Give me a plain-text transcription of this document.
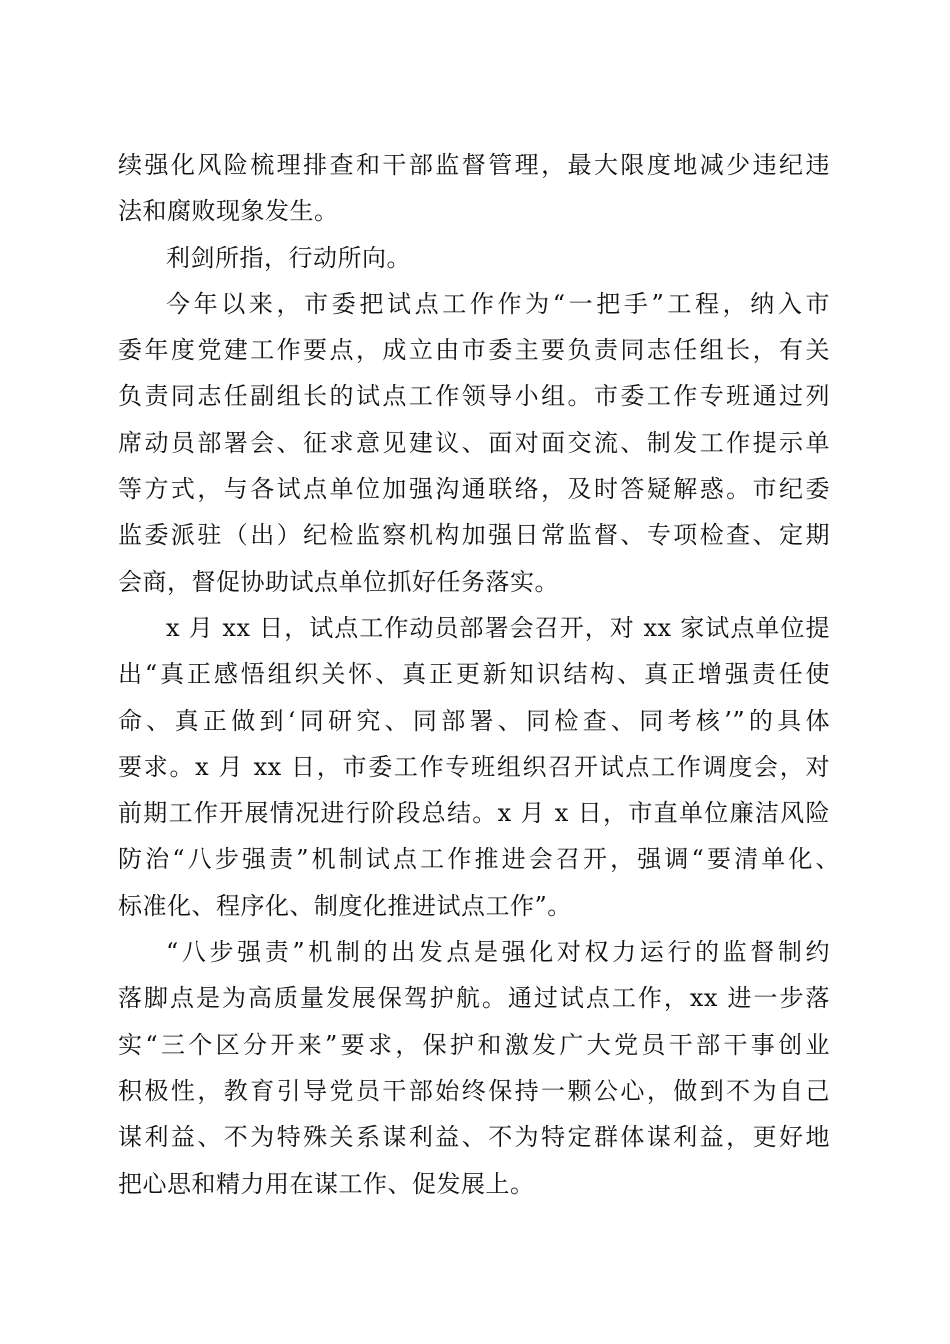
续强化风险梳理排查和干部监督管理，最大限度地减少违纪违
法和腐败现象发生。
利剑所指，行动所向。
今年以来，市委把试点工作作为“一把手”工程，纳入市
委年度党建工作要点，成立由市委主要负责同志任组长，有关
负责同志任副组长的试点工作领导小组。市委工作专班通过列
席动员部署会、征求意见建议、面对面交流、制发工作提示单
等方式，与各试点单位加强沟通联络，及时答疑解惑。市纪委
监委派驻（出）纪检监察机构加强日常监督、专项检查、定期
会商，督促协助试点单位抓好任务落实。
x 月 xx 日，试点工作动员部署会召开，对 xx 家试点单位提
出“真正感悟组织关怀、真正更新知识结构、真正增强责任使
命、真正做到‘同研究、同部署、同检查、同考核’”的具体
要求。x 月 xx 日，市委工作专班组织召开试点工作调度会，对
前期工作开展情况进行阶段总结。x 月 x 日，市直单位廉洁风险
防治“八步强责”机制试点工作推进会召开，强调“要清单化、
标准化、程序化、制度化推进试点工作”。
“八步强责”机制的出发点是强化对权力运行的监督制约
落脚点是为高质量发展保驾护航。通过试点工作，xx 进一步落
实“三个区分开来”要求，保护和激发广大党员干部干事创业
积极性，教育引导党员干部始终保持一颗公心，做到不为自己
谋利益、不为特殊关系谋利益、不为特定群体谋利益，更好地
把心思和精力用在谋工作、促发展上。
